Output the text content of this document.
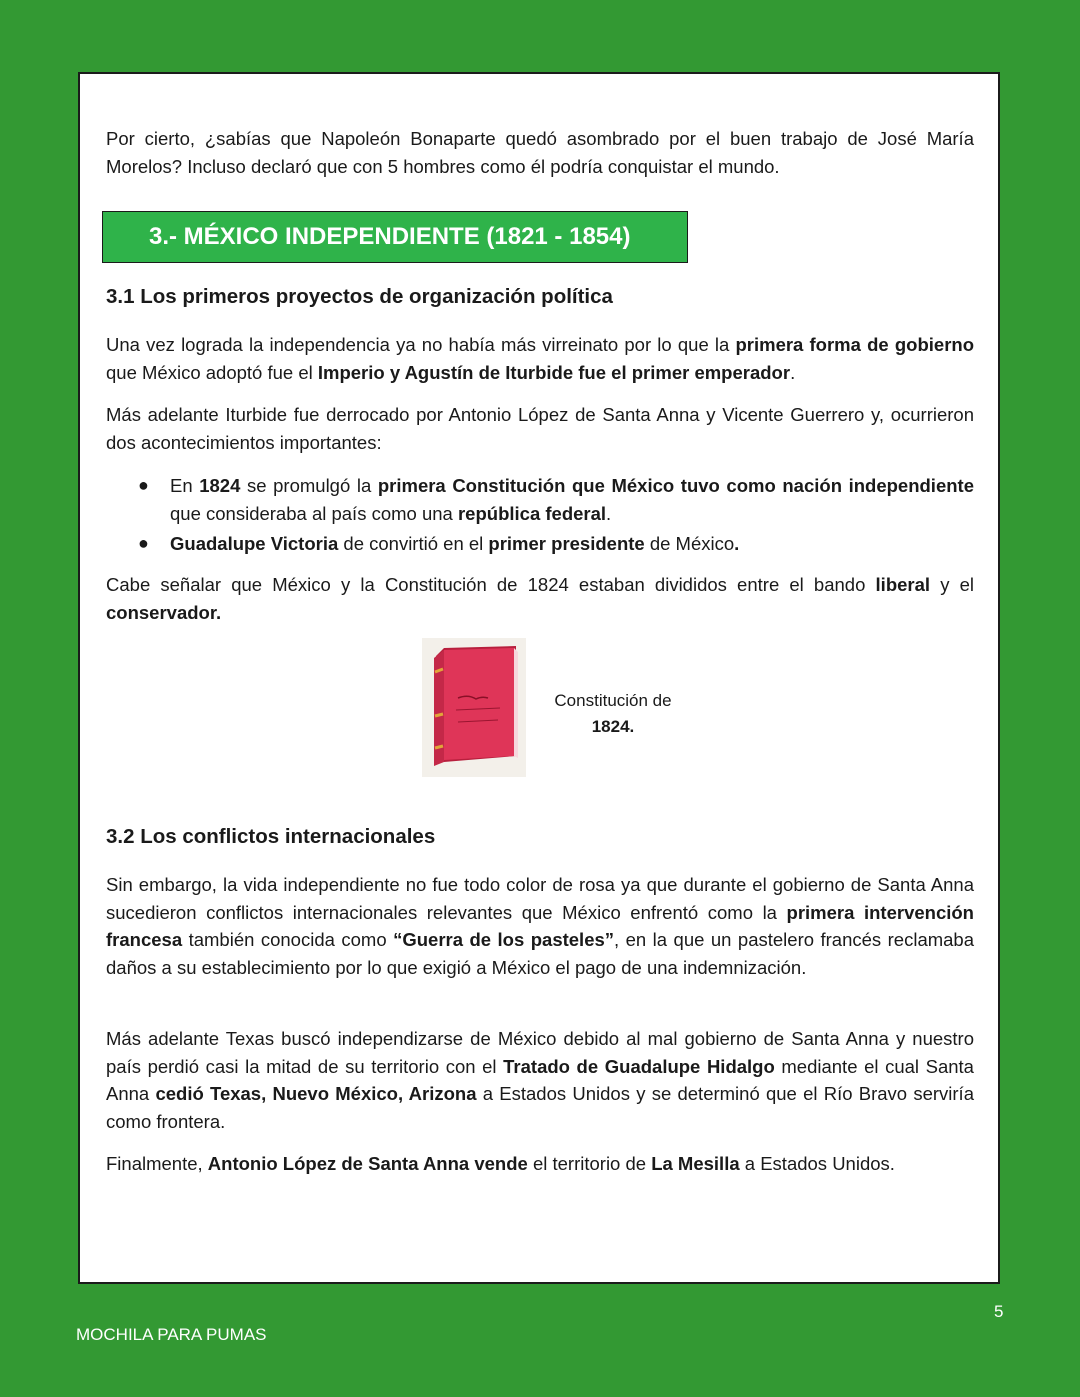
Por cierto, ¿sabías que Napoleón Bonaparte quedó asombrado por el buen trabajo de José María Morelos? Incluso declaró que con 5 hombres como él podría conquistar el mundo.

3.- MÉXICO INDEPENDIENTE (1821 - 1854)
3.1 Los primeros proyectos de organización política

Una vez lograda la independencia ya no había más virreinato por lo que la primera forma de gobierno que México adoptó fue el Imperio y Agustín de Iturbide fue el primer emperador.

Más adelante Iturbide fue derrocado por Antonio López de Santa Anna y Vicente Guerrero y, ocurrieron dos acontecimientos importantes:

● En 1824 se promulgó la primera Constitución que México tuvo como nación independiente que consideraba al país como una república federal.
● Guadalupe Victoria de convirtió en el primer presidente de México.

Cabe señalar que México y la Constitución de 1824 estaban divididos entre el bando liberal y el conservador.

Constitución de
1824.
3.2 Los conflictos internacionales

Sin embargo, la vida independiente no fue todo color de rosa ya que durante el gobierno de Santa Anna sucedieron conflictos internacionales relevantes que México enfrentó como la primera intervención francesa también conocida como “Guerra de los pasteles”, en la que un pastelero francés reclamaba daños a su establecimiento por lo que exigió a México el pago de una indemnización.

Más adelante Texas buscó independizarse de México debido al mal gobierno de Santa Anna y nuestro país perdió casi la mitad de su territorio con el Tratado de Guadalupe Hidalgo mediante el cual Santa Anna cedió Texas, Nuevo México, Arizona a Estados Unidos y se determinó que el Río Bravo serviría como frontera.

Finalmente, Antonio López de Santa Anna vende el territorio de La Mesilla a Estados Unidos.

5
MOCHILA PARA PUMAS
